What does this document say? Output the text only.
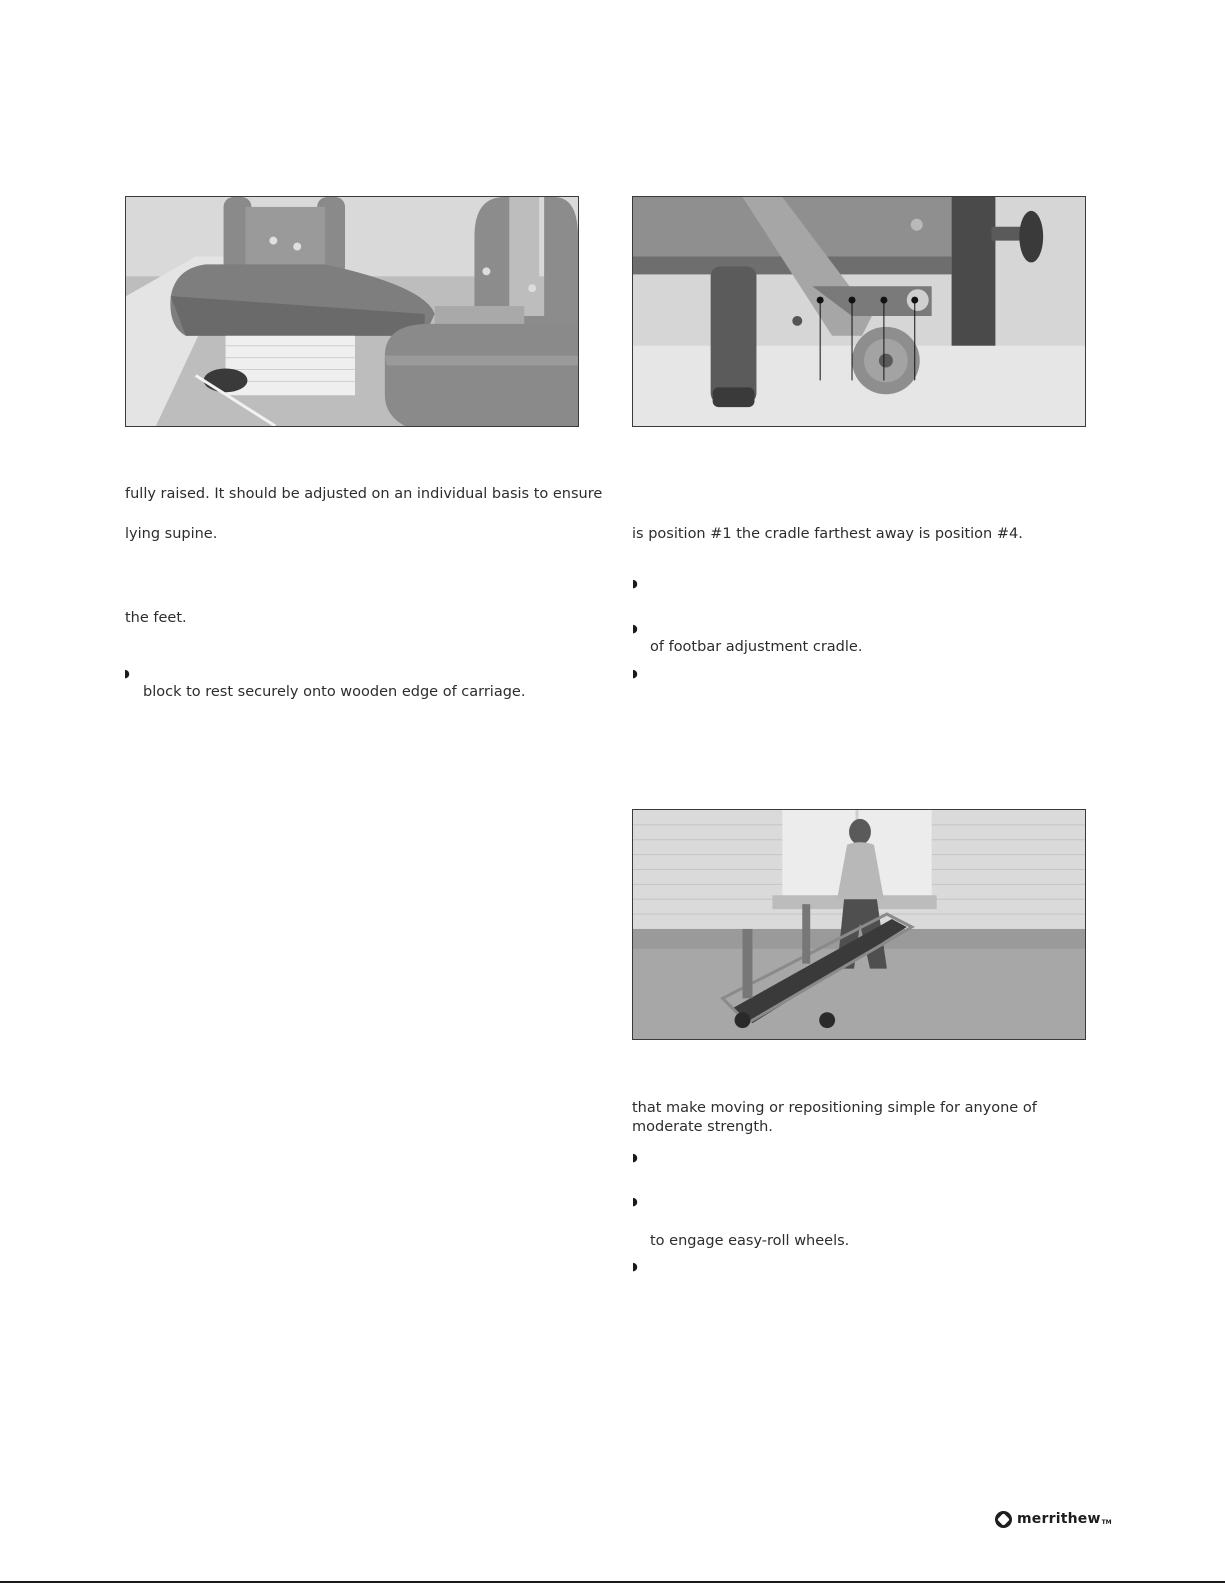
fully raised. It should be adjusted on an individual basis to ensure
lying supine.
the feet.
◗
block to rest securely onto wooden edge of carriage.
is position #1 the cradle farthest away is position #4.
◗
◗
of footbar adjustment cradle.
◗
that make moving or repositioning simple for anyone of
moderate strength.
◗
◗
to engage easy-roll wheels.
◗
merrithew TM
